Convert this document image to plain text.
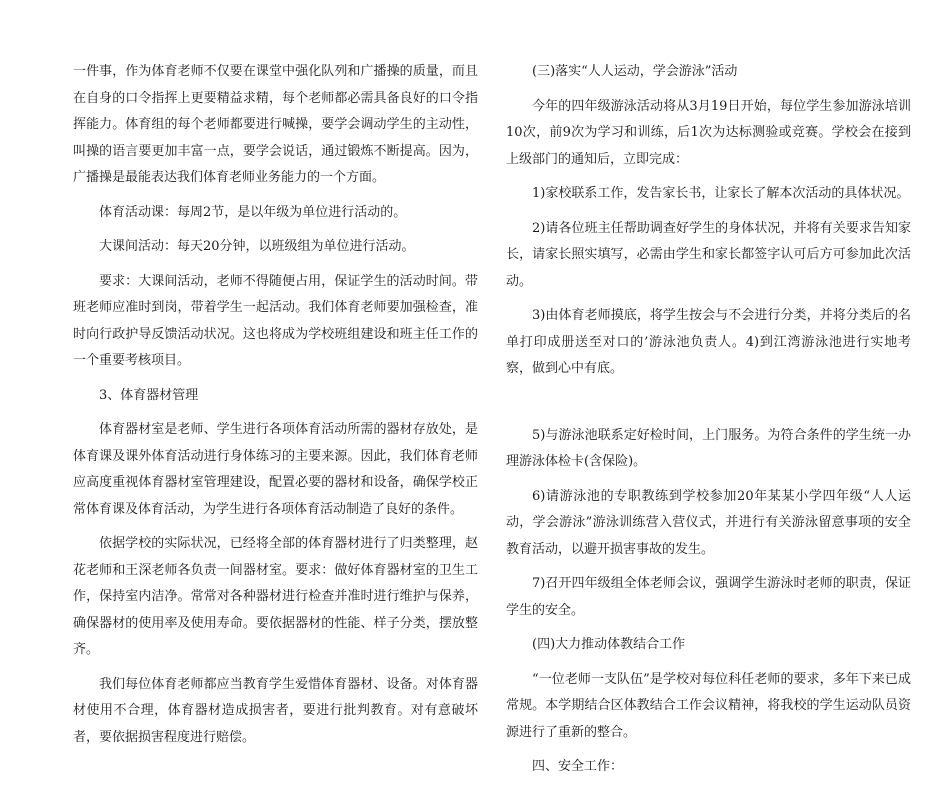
一件事，作为体育老师不仅要在课堂中强化队列和广播操的质量，而且在自身的口令指挥上更要精益求精，每个老师都必需具备良好的口令指挥能力。体育组的每个老师都要进行喊操，要学会调动学生的主动性，叫操的语言要更加丰富一点，要学会说话，通过锻炼不断提高。因为，广播操是最能表达我们体育老师业务能力的一个方面。

体育活动课：每周2节，是以年级为单位进行活动的。

大课间活动：每天20分钟，以班级组为单位进行活动。

要求：大课间活动，老师不得随便占用，保证学生的活动时间。带班老师应准时到岗，带着学生一起活动。我们体育老师要加强检查，准时向行政护导反馈活动状况。这也将成为学校班组建设和班主任工作的一个重要考核项目。

3、体育器材管理

体育器材室是老师、学生进行各项体育活动所需的器材存放处，是体育课及课外体育活动进行身体练习的主要来源。因此，我们体育老师应高度重视体育器材室管理建设，配置必要的器材和设备，确保学校正常体育课及体育活动，为学生进行各项体育活动制造了良好的条件。

依据学校的实际状况，已经将全部的体育器材进行了归类整理，赵花老师和王深老师各负责一间器材室。要求：做好体育器材室的卫生工作，保持室内洁净。常常对各种器材进行检查并准时进行维护与保养，确保器材的使用率及使用寿命。要依据器材的性能、样子分类，摆放整齐。

我们每位体育老师都应当教育学生爱惜体育器材、设备。对体育器材使用不合理，体育器材造成损害者，要进行批判教育。对有意破坏者，要依据损害程度进行赔偿。

(三)落实“人人运动，学会游泳”活动

今年的四年级游泳活动将从3月19日开始，每位学生参加游泳培训10次，前9次为学习和训练，后1次为达标测验或竞赛。学校会在接到上级部门的通知后，立即完成：

1)家校联系工作，发告家长书，让家长了解本次活动的具体状况。

2)请各位班主任帮助调查好学生的身体状况，并将有关要求告知家长，请家长照实填写，必需由学生和家长都签字认可后方可参加此次活动。

3)由体育老师摸底，将学生按会与不会进行分类，并将分类后的名单打印成册送至对口的’游泳池负责人。4)到江湾游泳池进行实地考察，做到心中有底。

5)与游泳池联系定好检时间，上门服务。为符合条件的学生统一办理游泳体检卡(含保险)。

6)请游泳池的专职教练到学校参加20年某某小学四年级“人人运动，学会游泳”游泳训练营入营仪式，并进行有关游泳留意事项的安全教育活动，以避开损害事故的发生。

7)召开四年级组全体老师会议，强调学生游泳时老师的职责，保证学生的安全。

(四)大力推动体教结合工作

“一位老师一支队伍”是学校对每位科任老师的要求，多年下来已成常规。本学期结合区体教结合工作会议精神，将我校的学生运动队员资源进行了重新的整合。

四、安全工作：
